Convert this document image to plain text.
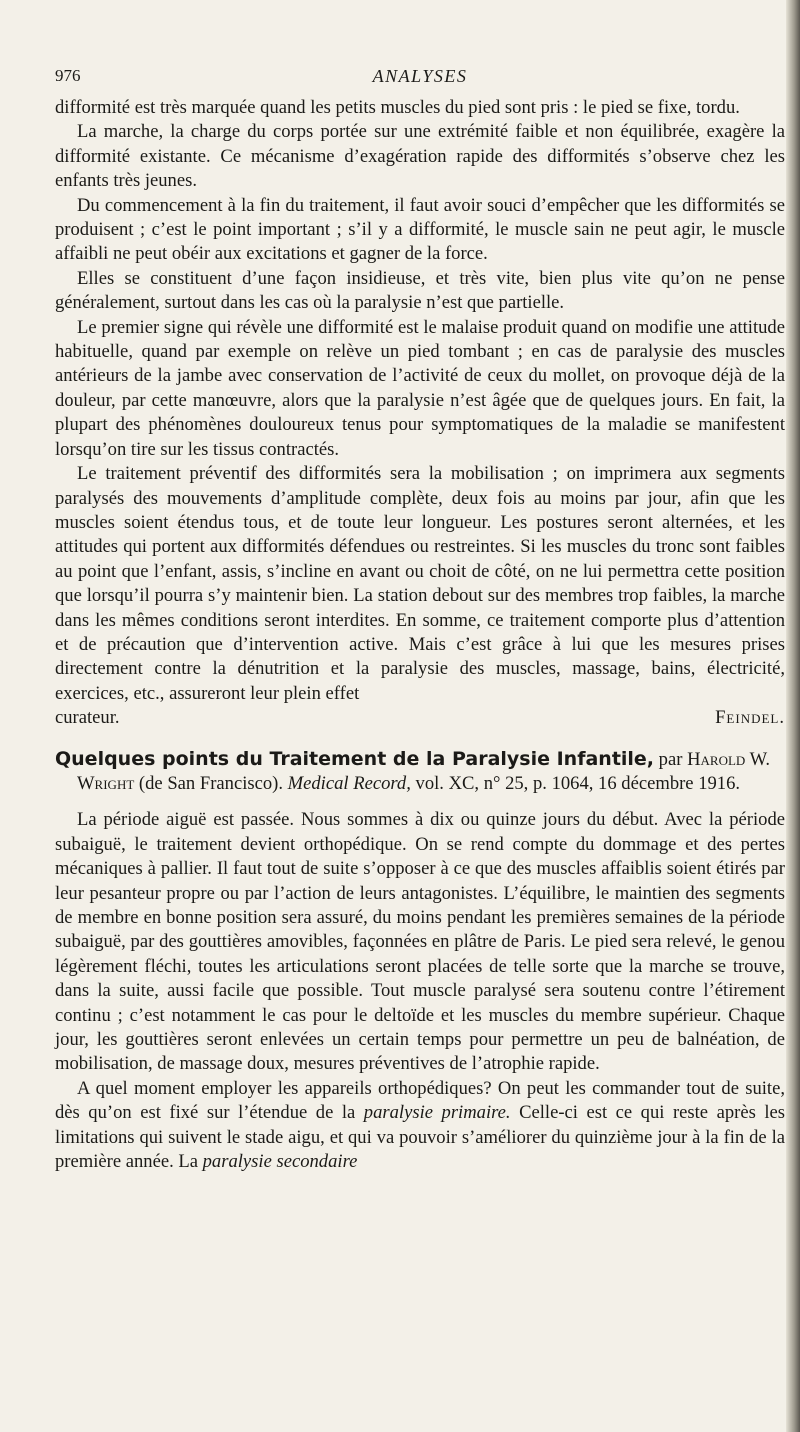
976	ANALYSES

difformité est très marquée quand les petits muscles du pied sont pris : le pied se fixe, tordu.

La marche, la charge du corps portée sur une extrémité faible et non équilibrée, exagère la difformité existante. Ce mécanisme d’exagération rapide des difformités s’observe chez les enfants très jeunes.

Du commencement à la fin du traitement, il faut avoir souci d’empêcher que les difformités se produisent ; c’est le point important ; s’il y a difformité, le muscle sain ne peut agir, le muscle affaibli ne peut obéir aux excitations et gagner de la force.

Elles se constituent d’une façon insidieuse, et très vite, bien plus vite qu’on ne pense généralement, surtout dans les cas où la paralysie n’est que partielle.

Le premier signe qui révèle une difformité est le malaise produit quand on modifie une attitude habituelle, quand par exemple on relève un pied tombant ; en cas de paralysie des muscles antérieurs de la jambe avec conservation de l’activité de ceux du mollet, on provoque déjà de la douleur, par cette manœuvre, alors que la paralysie n’est âgée que de quelques jours. En fait, la plupart des phénomènes douloureux tenus pour symptomatiques de la maladie se manifestent lorsqu’on tire sur les tissus contractés.

Le traitement préventif des difformités sera la mobilisation ; on imprimera aux segments paralysés des mouvements d’amplitude complète, deux fois au moins par jour, afin que les muscles soient étendus tous, et de toute leur longueur. Les postures seront alternées, et les attitudes qui portent aux difformités défendues ou restreintes. Si les muscles du tronc sont faibles au point que l’enfant, assis, s’incline en avant ou choit de côté, on ne lui permettra cette position que lorsqu’il pourra s’y maintenir bien. La station debout sur des membres trop faibles, la marche dans les mêmes conditions seront interdites. En somme, ce traitement comporte plus d’attention et de précaution que d’intervention active. Mais c’est grâce à lui que les mesures prises directement contre la dénutrition et la paralysie des muscles, massage, bains, électricité, exercices, etc., assureront leur plein effet

curateur.	Feindel.

Quelques points du Traitement de la Paralysie Infantile, par Harold W. Wright (de San Francisco). Medical Record, vol. XC, n° 25, p. 1064, 16 décembre 1916.

La période aiguë est passée. Nous sommes à dix ou quinze jours du début. Avec la période subaiguë, le traitement devient orthopédique. On se rend compte du dommage et des pertes mécaniques à pallier. Il faut tout de suite s’opposer à ce que des muscles affaiblis soient étirés par leur pesanteur propre ou par l’action de leurs antagonistes. L’équilibre, le maintien des segments de membre en bonne position sera assuré, du moins pendant les premières semaines de la période subaiguë, par des gouttières amovibles, façonnées en plâtre de Paris. Le pied sera relevé, le genou légèrement fléchi, toutes les articulations seront placées de telle sorte que la marche se trouve, dans la suite, aussi facile que possible. Tout muscle paralysé sera soutenu contre l’étirement continu ; c’est notamment le cas pour le deltoïde et les muscles du membre supérieur. Chaque jour, les gouttières seront enlevées un certain temps pour permettre un peu de balnéation, de mobilisation, de massage doux, mesures préventives de l’atrophie rapide.

A quel moment employer les appareils orthopédiques? On peut les commander tout de suite, dès qu’on est fixé sur l’étendue de la paralysie primaire. Celle-ci est ce qui reste après les limitations qui suivent le stade aigu, et qui va pouvoir s’améliorer du quinzième jour à la fin de la première année. La paralysie secondaire
